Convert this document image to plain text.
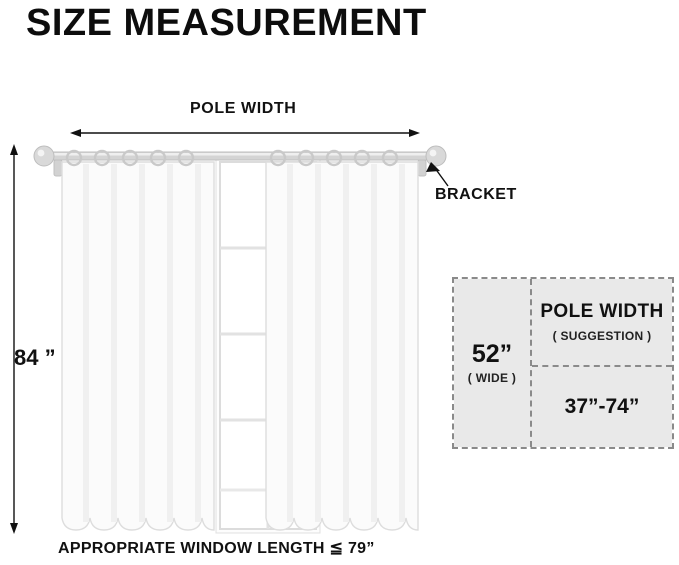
SIZE MEASUREMENT
POLE WIDTH
84 ”
BRACKET
APPROPRIATE WINDOW LENGTH ≦ 79”
52”
( WIDE )
POLE WIDTH
( SUGGESTION )
37”-74”
